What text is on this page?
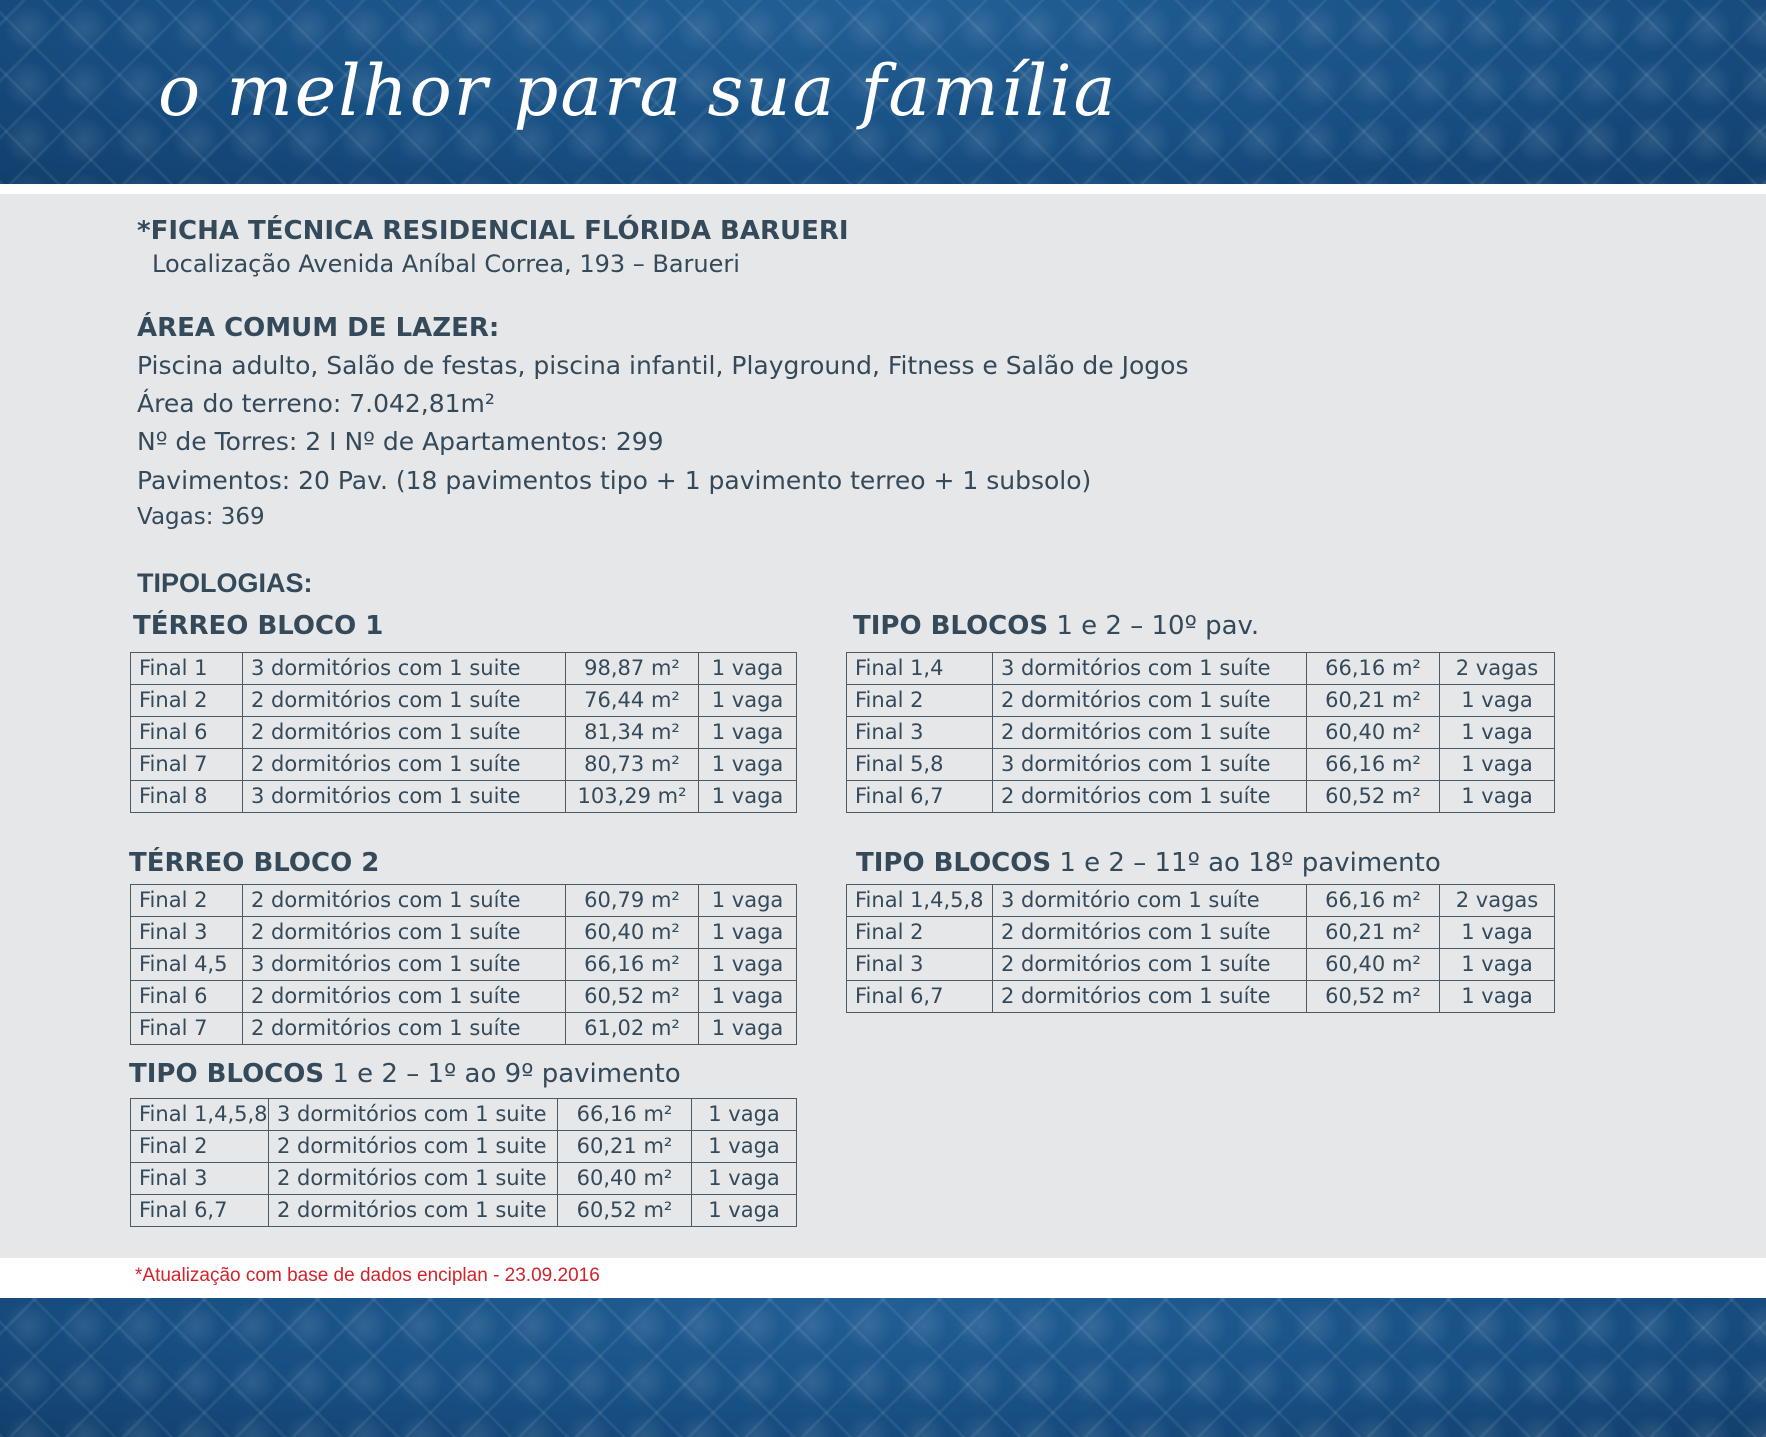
o melhor para sua família
*FICHA TÉCNICA RESIDENCIAL FLÓRIDA BARUERI
Localização Avenida Aníbal Correa, 193 – Barueri
ÁREA COMUM DE LAZER:
Piscina adulto, Salão de festas, piscina infantil, Playground, Fitness e Salão de Jogos
Área do terreno: 7.042,81m²
Nº de Torres: 2 I Nº de Apartamentos: 299
Pavimentos: 20 Pav. (18 pavimentos tipo + 1 pavimento terreo + 1 subsolo)
Vagas: 369
TIPOLOGIAS:
TÉRREO BLOCO 1	TIPO BLOCOS 1 e 2 – 10º pav.
TÉRREO BLOCO 2	TIPO BLOCOS 1 e 2 – 11º ao 18º pavimento
TIPO BLOCOS 1 e 2 – 1º ao 9º pavimento
Final 1	3 dormitórios com 1 suite	98,87 m²	1 vaga
Final 2	2 dormitórios com 1 suíte	76,44 m²	1 vaga
Final 6	2 dormitórios com 1 suíte	81,34 m²	1 vaga
Final 7	2 dormitórios com 1 suíte	80,73 m²	1 vaga
Final 8	3 dormitórios com 1 suite	103,29 m²	1 vaga
Final 2	2 dormitórios com 1 suíte	60,79 m²	1 vaga
Final 3	2 dormitórios com 1 suíte	60,40 m²	1 vaga
Final 4,5	3 dormitórios com 1 suíte	66,16 m²	1 vaga
Final 6	2 dormitórios com 1 suíte	60,52 m²	1 vaga
Final 7	2 dormitórios com 1 suíte	61,02 m²	1 vaga
Final 1,4,5,8	3 dormitórios com 1 suite	66,16 m²	1 vaga
Final 2	2 dormitórios com 1 suite	60,21 m²	1 vaga
Final 3	2 dormitórios com 1 suite	60,40 m²	1 vaga
Final 6,7	2 dormitórios com 1 suite	60,52 m²	1 vaga
Final 1,4	3 dormitórios com 1 suíte	66,16 m²	2 vagas
Final 2	2 dormitórios com 1 suíte	60,21 m²	1 vaga
Final 3	2 dormitórios com 1 suíte	60,40 m²	1 vaga
Final 5,8	3 dormitórios com 1 suíte	66,16 m²	1 vaga
Final 6,7	2 dormitórios com 1 suíte	60,52 m²	1 vaga
Final 1,4,5,8	3 dormitório com 1 suíte	66,16 m²	2 vagas
Final 2	2 dormitórios com 1 suíte	60,21 m²	1 vaga
Final 3	2 dormitórios com 1 suíte	60,40 m²	1 vaga
Final 6,7	2 dormitórios com 1 suíte	60,52 m²	1 vaga
*Atualização com base de dados enciplan - 23.09.2016
